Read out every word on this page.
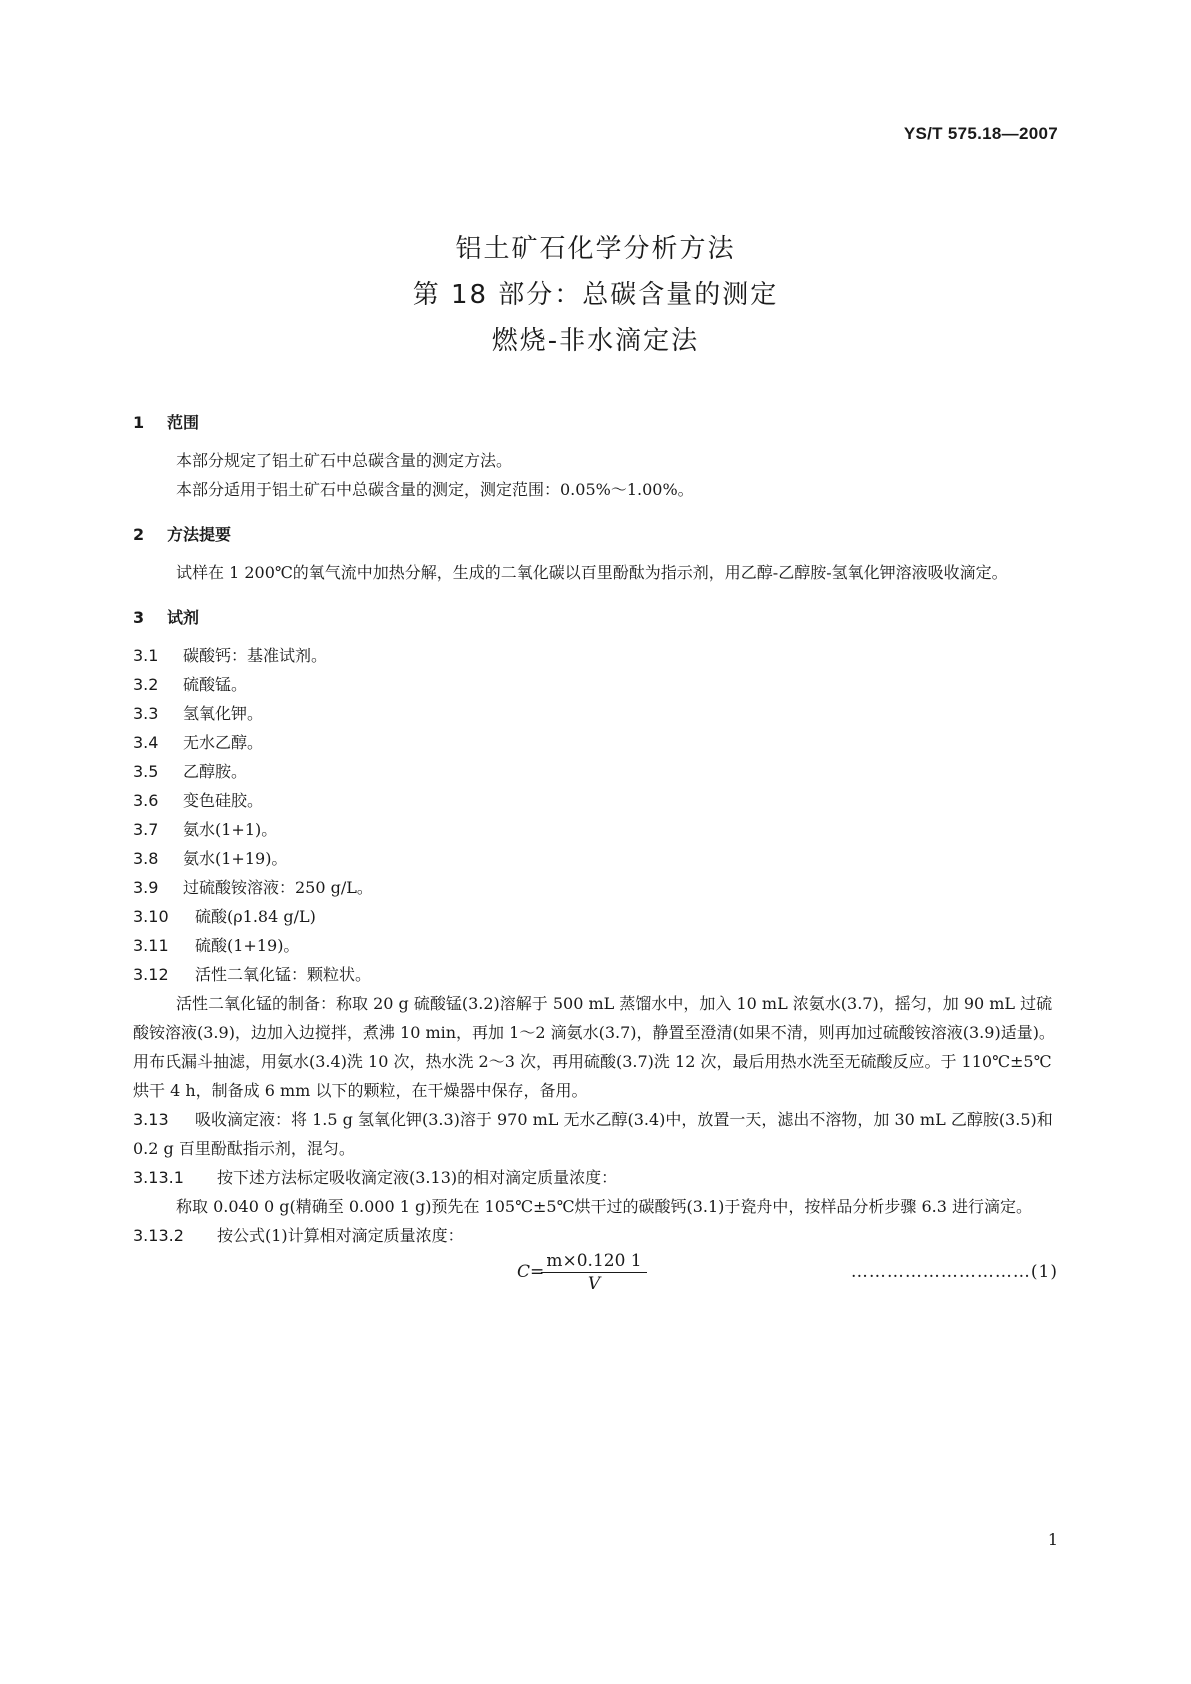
YS/T 575.18—2007
铝土矿石化学分析方法
第 18 部分：总碳含量的测定
燃烧-非水滴定法
1 范围

本部分规定了铝土矿石中总碳含量的测定方法。

本部分适用于铝土矿石中总碳含量的测定，测定范围：0.05%～1.00%。

2 方法提要

试样在 1 200℃的氧气流中加热分解，生成的二氧化碳以百里酚酞为指示剂，用乙醇-乙醇胺-氢氧化钾溶液吸收滴定。

3 试剂
3.1 碳酸钙：基准试剂。
3.2 硫酸锰。
3.3 氢氧化钾。
3.4 无水乙醇。
3.5 乙醇胺。
3.6 变色硅胶。
3.7 氨水(1+1)。
3.8 氨水(1+19)。
3.9 过硫酸铵溶液：250 g/L。
3.10 硫酸(ρ1.84 g/L)
3.11 硫酸(1+19)。
3.12 活性二氧化锰：颗粒状。

活性二氧化锰的制备：称取 20 g 硫酸锰(3.2)溶解于 500 mL 蒸馏水中，加入 10 mL 浓氨水(3.7)，摇匀，加 90 mL 过硫酸铵溶液(3.9)，边加入边搅拌，煮沸 10 min，再加 1～2 滴氨水(3.7)，静置至澄清(如果不清，则再加过硫酸铵溶液(3.9)适量)。用布氏漏斗抽滤，用氨水(3.4)洗 10 次，热水洗 2～3 次，再用硫酸(3.7)洗 12 次，最后用热水洗至无硫酸反应。于 110℃±5℃烘干 4 h，制备成 6 mm 以下的颗粒，在干燥器中保存，备用。

3.13 吸收滴定液：将 1.5 g 氢氧化钾(3.3)溶于 970 mL 无水乙醇(3.4)中，放置一天，滤出不溶物，加 30 mL 乙醇胺(3.5)和 0.2 g 百里酚酞指示剂，混匀。

3.13.1 按下述方法标定吸收滴定液(3.13)的相对滴定质量浓度：

称取 0.040 0 g(精确至 0.000 1 g)预先在 105℃±5℃烘干过的碳酸钙(3.1)于瓷舟中，按样品分析步骤 6.3 进行滴定。

3.13.2 按公式(1)计算相对滴定质量浓度：
C=
$\frac{m\times 0.120 1}{V}$	…………………………(1)
1
